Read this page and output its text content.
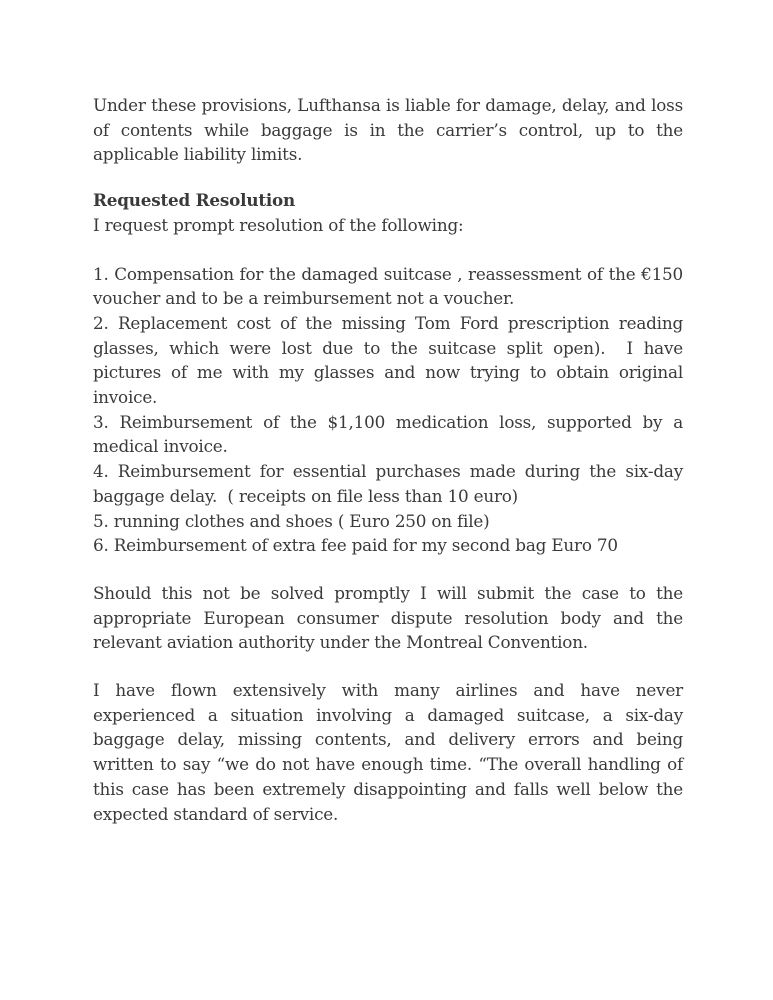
Under these provisions, Lufthansa is liable for damage, delay, and loss of contents while baggage is in the carrier’s control, up to the applicable liability limits.

Requested Resolution

I request prompt resolution of the following:

1. Compensation for the damaged suitcase , reassessment of the €150 voucher and to be a reimbursement not a voucher.

2. Replacement cost of the missing Tom Ford prescription reading glasses, which were lost due to the suitcase split open).  I have pictures of me with my glasses and now trying to obtain original invoice.

3. Reimbursement of the $1,100 medication loss, supported by a medical invoice.

4. Reimbursement for essential purchases made during the six-day baggage delay.  ( receipts on file less than 10 euro)

5. running clothes and shoes ( Euro 250 on file)

6. Reimbursement of extra fee paid for my second bag Euro 70

Should this not be solved promptly I will submit the case to the appropriate European consumer dispute resolution body and the relevant aviation authority under the Montreal Convention.

I have flown extensively with many airlines and have never experienced a situation involving a damaged suitcase, a six-day baggage delay, missing contents, and delivery errors and being written to say “we do not have enough time. “The overall handling of this case has been extremely disappointing and falls well below the expected standard of service.
